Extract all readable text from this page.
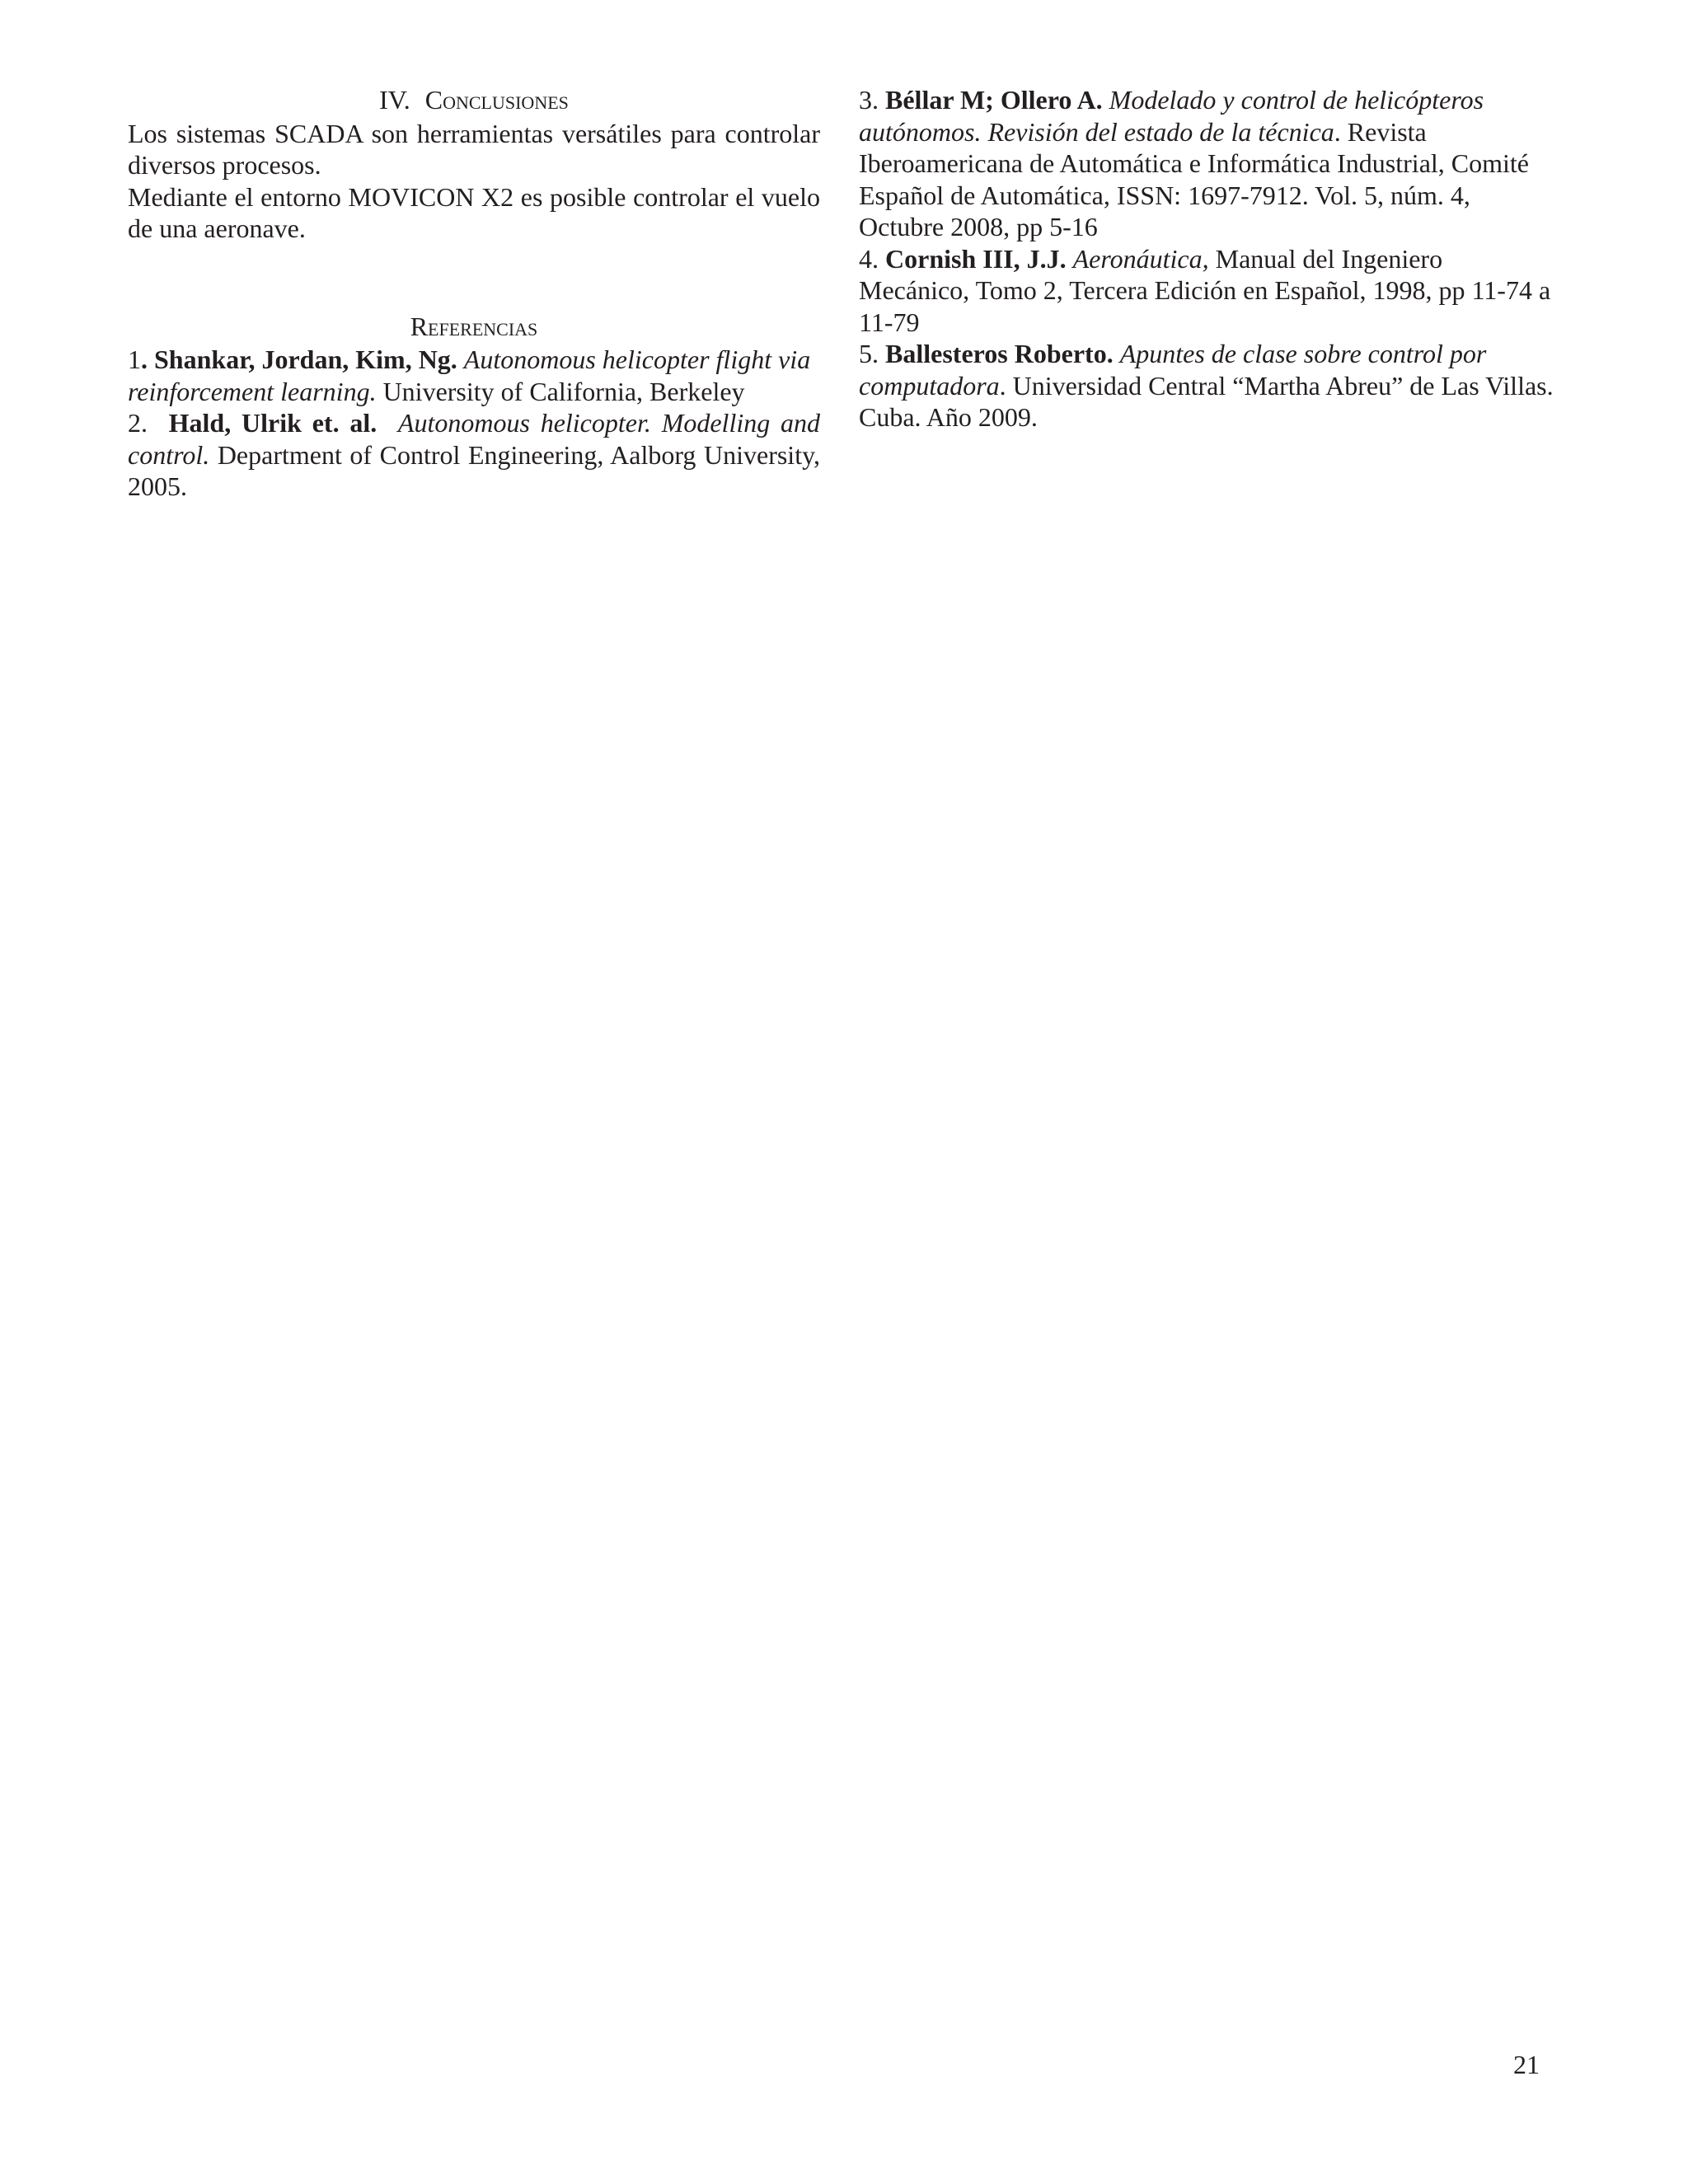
IV. Conclusiones

Los sistemas SCADA son herramientas versátiles para controlar diversos procesos.

Mediante el entorno MOVICON X2 es posible controlar el vuelo de una aeronave.

Referencias

1. Shankar, Jordan, Kim, Ng. Autonomous helicopter flight via reinforcement learning. University of California, Berkeley

2. Hald, Ulrik et. al. Autonomous helicopter. Modelling and control. Department of Control Engineering, Aalborg University, 2005.

3. Béllar M; Ollero A. Modelado y control de helicópteros autónomos. Revisión del estado de la técnica. Revista Iberoamericana de Automática e Informática Industrial, Comité Español de Automática, ISSN: 1697-7912. Vol. 5, núm. 4, Octubre 2008, pp 5-16

4. Cornish III, J.J. Aeronáutica, Manual del Ingeniero Mecánico, Tomo 2, Tercera Edición en Español, 1998, pp 11-74 a 11-79

5. Ballesteros Roberto. Apuntes de clase sobre control por computadora. Universidad Central “Martha Abreu” de Las Villas. Cuba. Año 2009.

21
